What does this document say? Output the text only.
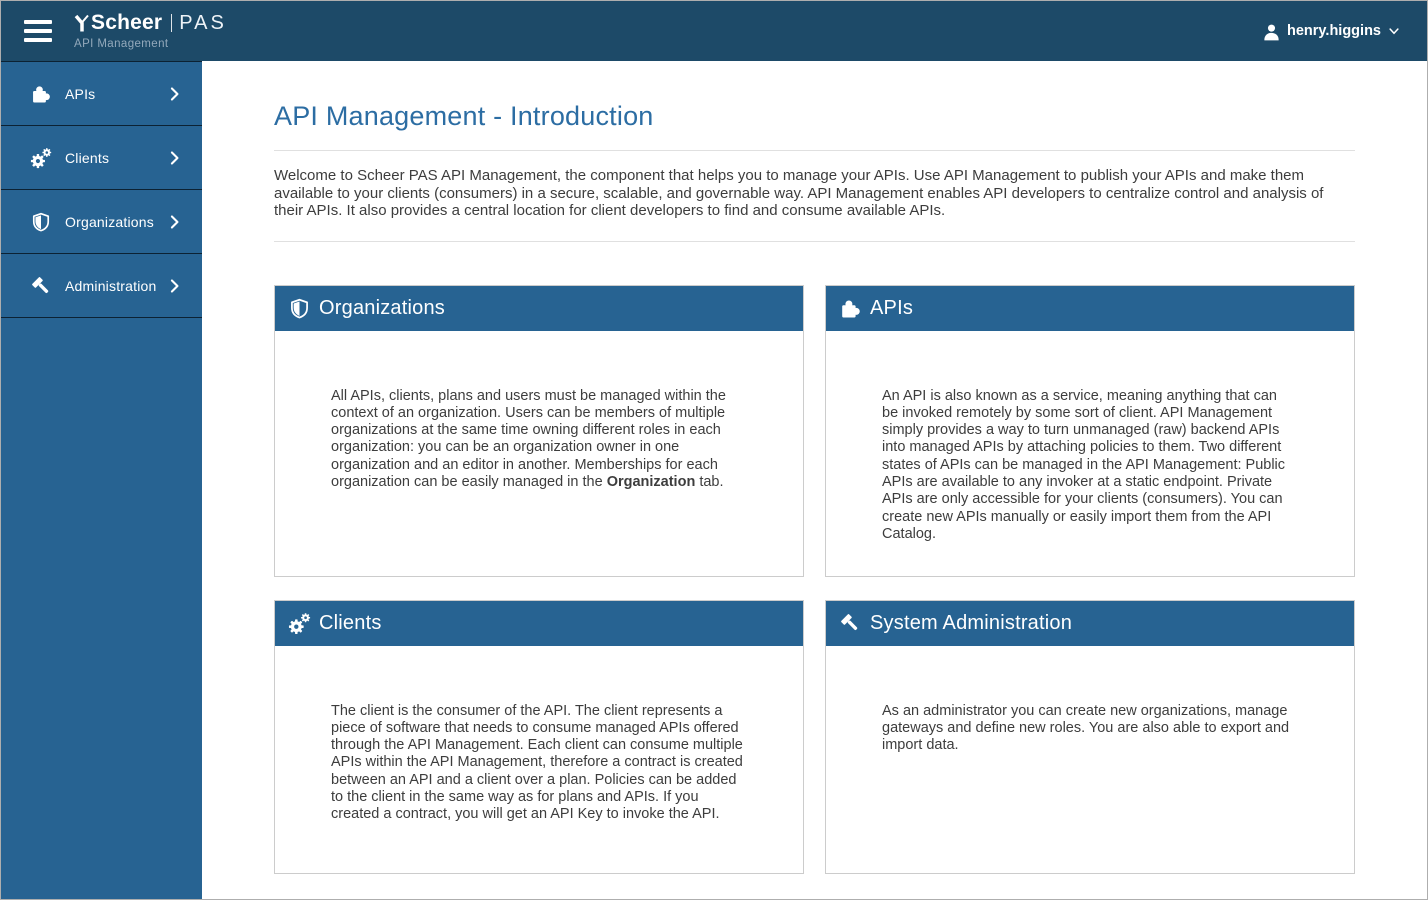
Scheer PAS
API Management
henry.higgins
APIs
Clients
Organizations
Administration
API Management - Introduction

Welcome to Scheer PAS API Management, the component that helps you to manage your APIs. Use API Management to publish your APIs and make them available to your clients (consumers) in a secure, scalable, and governable way. API Management enables API developers to centralize control and analysis of their APIs. It also provides a central location for client developers to find and consume available APIs.

Organizations
All APIs, clients, plans and users must be managed within the context of an organization. Users can be members of multiple organizations at the same time owning different roles in each organization: you can be an organization owner in one organization and an editor in another. Memberships for each organization can be easily managed in the Organization tab.
APIs
An API is also known as a service, meaning anything that can be invoked remotely by some sort of client. API Management simply provides a way to turn unmanaged (raw) backend APIs into managed APIs by attaching policies to them. Two different states of APIs can be managed in the API Management: Public APIs are available to any invoker at a static endpoint. Private APIs are only accessible for your clients (consumers). You can create new APIs manually or easily import them from the API Catalog.
Clients
The client is the consumer of the API. The client represents a piece of software that needs to consume managed APIs offered through the API Management. Each client can consume multiple APIs within the API Management, therefore a contract is created between an API and a client over a plan. Policies can be added to the client in the same way as for plans and APIs. If you created a contract, you will get an API Key to invoke the API.
System Administration
As an administrator you can create new organizations, manage gateways and define new roles. You are also able to export and import data.
